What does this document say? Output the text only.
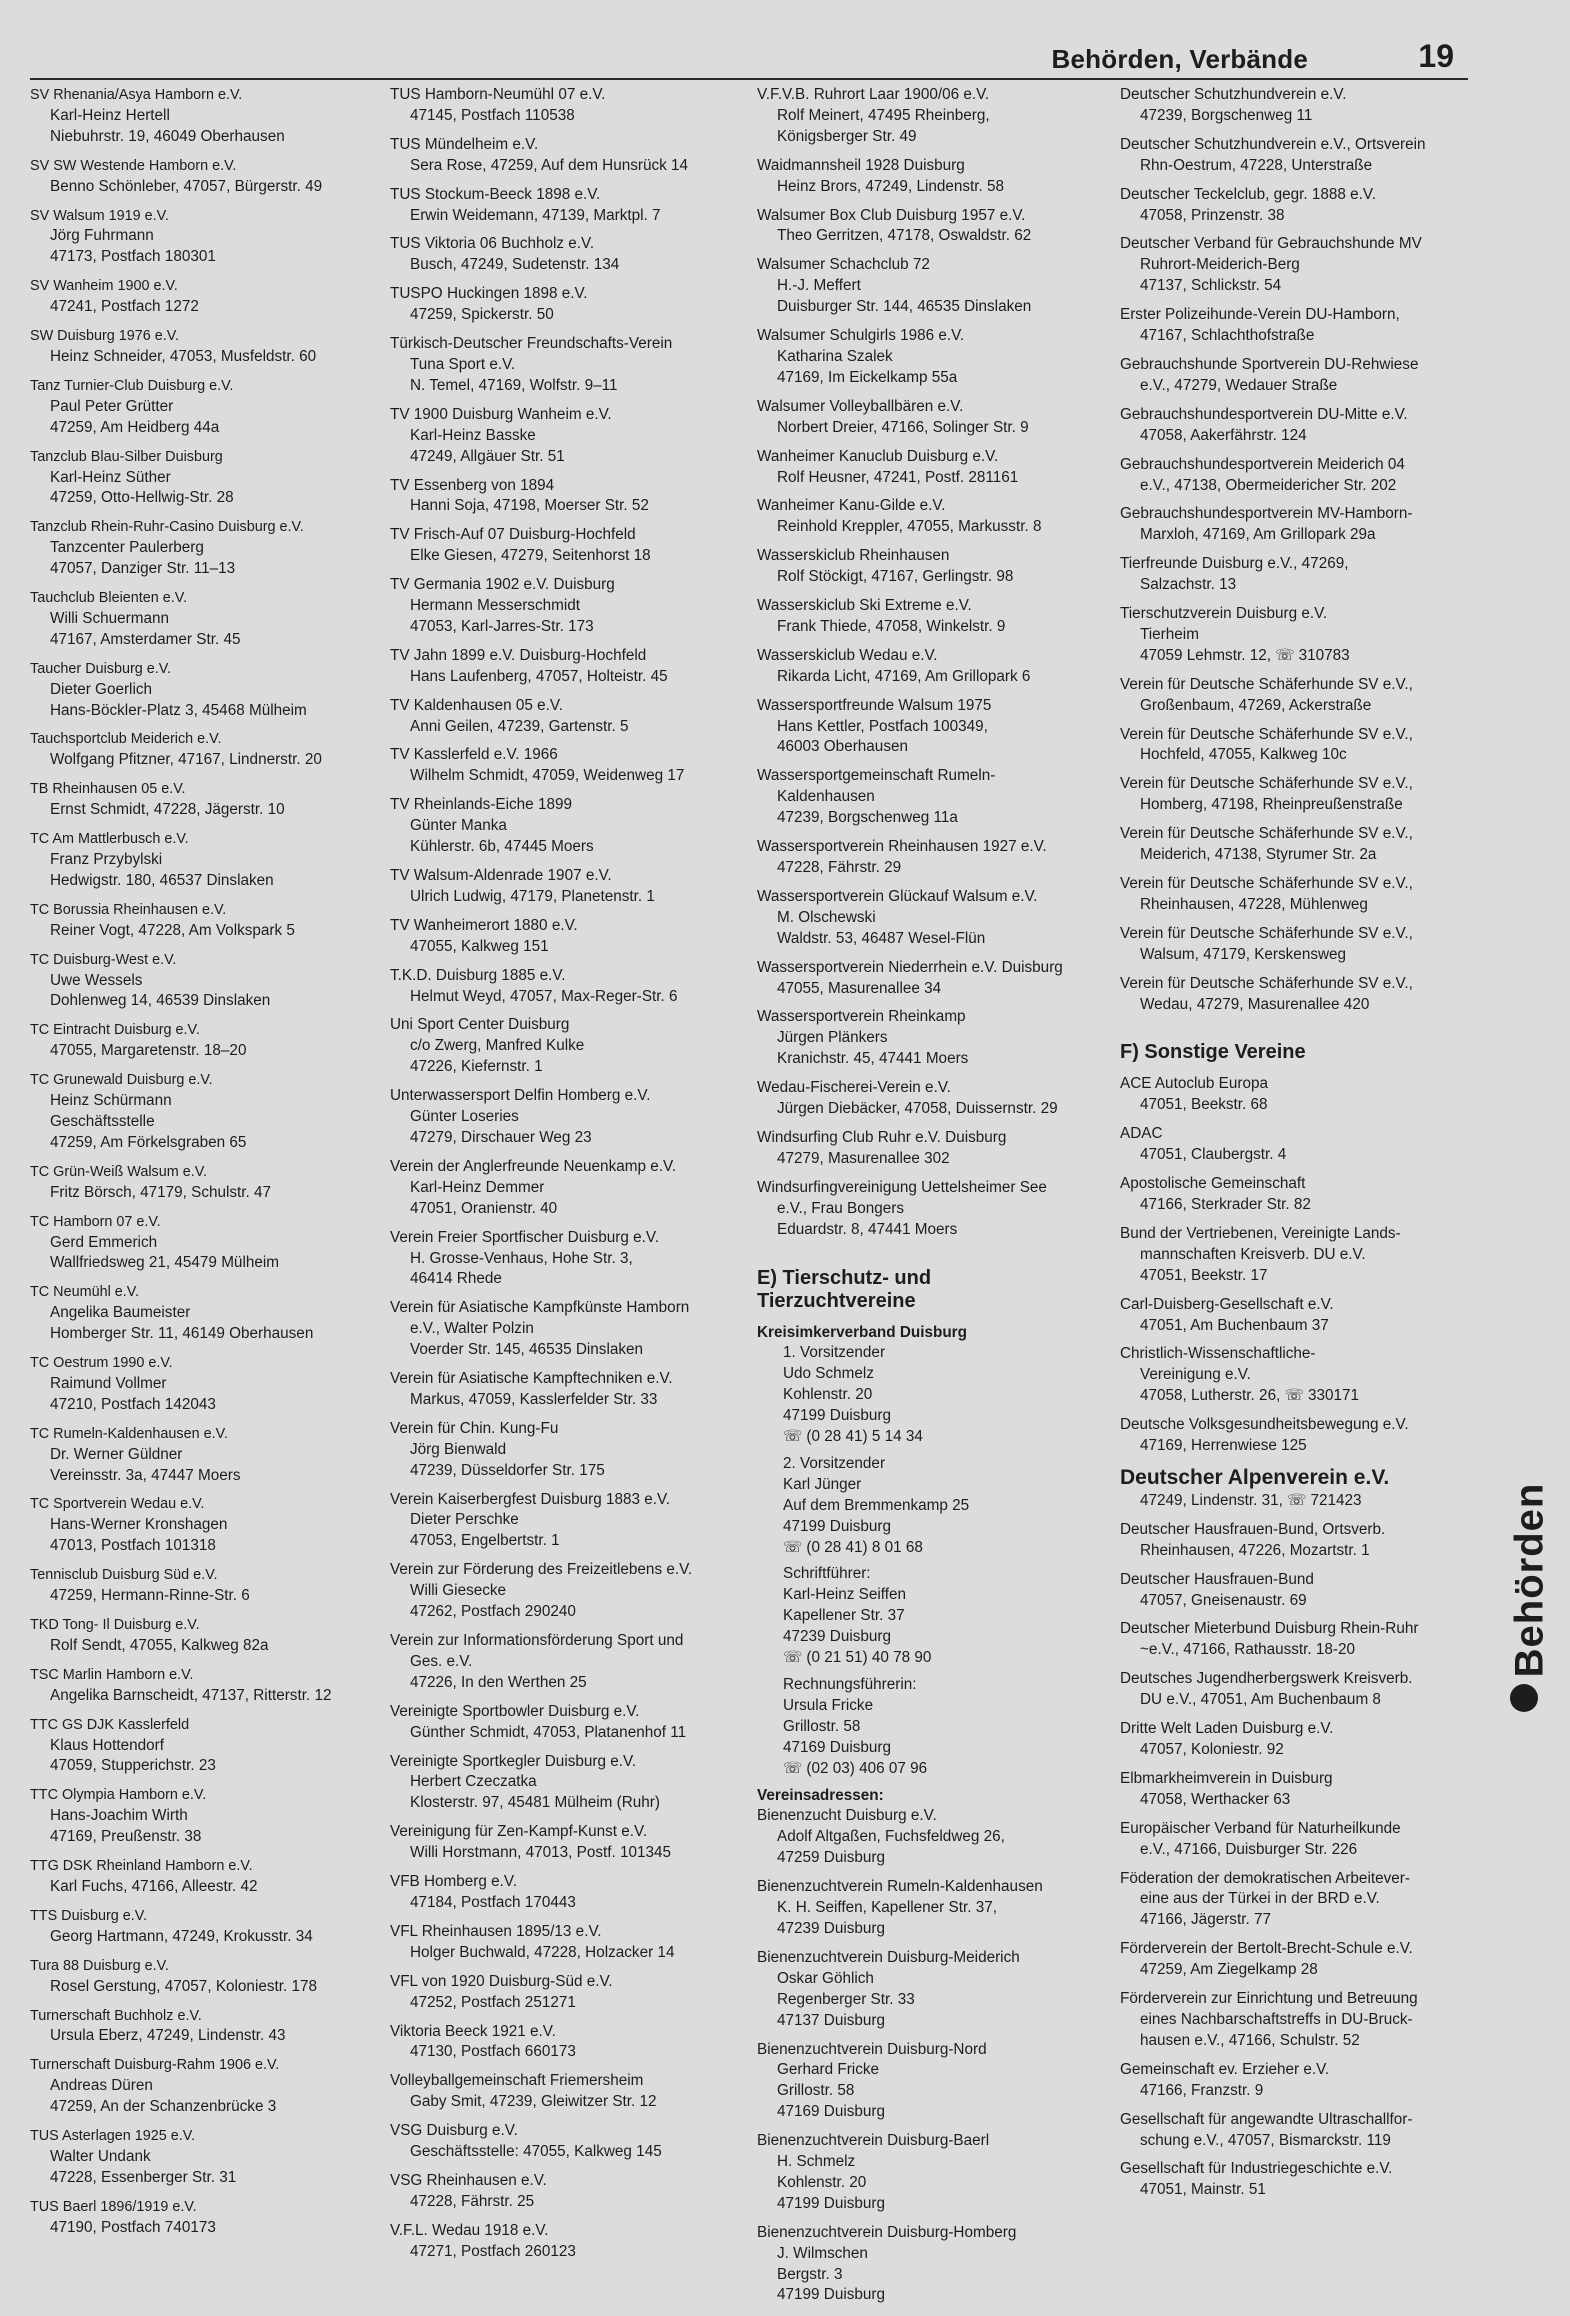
Behörden, Verbände	19
SV Rhenania/Asya Hamborn e.V.
Karl-Heinz Hertell
Niebuhrstr. 19, 46049 Oberhausen
SV SW Westende Hamborn e.V.
Benno Schönleber, 47057, Bürgerstr. 49
SV Walsum 1919 e.V.
Jörg Fuhrmann
47173, Postfach 180301
SV Wanheim 1900 e.V.
47241, Postfach 1272
SW Duisburg 1976 e.V.
Heinz Schneider, 47053, Musfeldstr. 60
Tanz Turnier-Club Duisburg e.V.
Paul Peter Grütter
47259, Am Heidberg 44a
Tanzclub Blau-Silber Duisburg
Karl-Heinz Süther
47259, Otto-Hellwig-Str. 28
Tanzclub Rhein-Ruhr-Casino Duisburg e.V.
Tanzcenter Paulerberg
47057, Danziger Str. 11–13
Tauchclub Bleienten e.V.
Willi Schuermann
47167, Amsterdamer Str. 45
Taucher Duisburg e.V.
Dieter Goerlich
Hans-Böckler-Platz 3, 45468 Mülheim
Tauchsportclub Meiderich e.V.
Wolfgang Pfitzner, 47167, Lindnerstr. 20
TB Rheinhausen 05 e.V.
Ernst Schmidt, 47228, Jägerstr. 10
TC Am Mattlerbusch e.V.
Franz Przybylski
Hedwigstr. 180, 46537 Dinslaken
TC Borussia Rheinhausen e.V.
Reiner Vogt, 47228, Am Volkspark 5
TC Duisburg-West e.V.
Uwe Wessels
Dohlenweg 14, 46539 Dinslaken
TC Eintracht Duisburg e.V.
47055, Margaretenstr. 18–20
TC Grunewald Duisburg e.V.
Heinz Schürmann
Geschäftsstelle
47259, Am Förkelsgraben 65
TC Grün-Weiß Walsum e.V.
Fritz Börsch, 47179, Schulstr. 47
TC Hamborn 07 e.V.
Gerd Emmerich
Wallfriedsweg 21, 45479 Mülheim
TC Neumühl e.V.
Angelika Baumeister
Homberger Str. 11, 46149 Oberhausen
TC Oestrum 1990 e.V.
Raimund Vollmer
47210, Postfach 142043
TC Rumeln-Kaldenhausen e.V.
Dr. Werner Güldner
Vereinsstr. 3a, 47447 Moers
TC Sportverein Wedau e.V.
Hans-Werner Kronshagen
47013, Postfach 101318
Tennisclub Duisburg Süd e.V.
47259, Hermann-Rinne-Str. 6
TKD Tong- Il Duisburg e.V.
Rolf Sendt, 47055, Kalkweg 82a
TSC Marlin Hamborn e.V.
Angelika Barnscheidt, 47137, Ritterstr. 12
TTC GS DJK Kasslerfeld
Klaus Hottendorf
47059, Stupperichstr. 23
TTC Olympia Hamborn e.V.
Hans-Joachim Wirth
47169, Preußenstr. 38
TTG DSK Rheinland Hamborn e.V.
Karl Fuchs, 47166, Alleestr. 42
TTS Duisburg e.V.
Georg Hartmann, 47249, Krokusstr. 34
Tura 88 Duisburg e.V.
Rosel Gerstung, 47057, Koloniestr. 178
Turnerschaft Buchholz e.V.
Ursula Eberz, 47249, Lindenstr. 43
Turnerschaft Duisburg-Rahm 1906 e.V.
Andreas Düren
47259, An der Schanzenbrücke 3
TUS Asterlagen 1925 e.V.
Walter Undank
47228, Essenberger Str. 31
TUS Baerl 1896/1919 e.V.
47190, Postfach 740173
TUS Hamborn-Neumühl 07 e.V.
47145, Postfach 110538
TUS Mündelheim e.V.
Sera Rose, 47259, Auf dem Hunsrück 14
TUS Stockum-Beeck 1898 e.V.
Erwin Weidemann, 47139, Marktpl. 7
TUS Viktoria 06 Buchholz e.V.
Busch, 47249, Sudetenstr. 134
TUSPO Huckingen 1898 e.V.
47259, Spickerstr. 50
Türkisch-Deutscher Freundschafts-Verein
Tuna Sport e.V.
N. Temel, 47169, Wolfstr. 9–11
TV 1900 Duisburg Wanheim e.V.
Karl-Heinz Basske
47249, Allgäuer Str. 51
TV Essenberg von 1894
Hanni Soja, 47198, Moerser Str. 52
TV Frisch-Auf 07 Duisburg-Hochfeld
Elke Giesen, 47279, Seitenhorst 18
TV Germania 1902 e.V. Duisburg
Hermann Messerschmidt
47053, Karl-Jarres-Str. 173
TV Jahn 1899 e.V. Duisburg-Hochfeld
Hans Laufenberg, 47057, Holteistr. 45
TV Kaldenhausen 05 e.V.
Anni Geilen, 47239, Gartenstr. 5
TV Kasslerfeld e.V. 1966
Wilhelm Schmidt, 47059, Weidenweg 17
TV Rheinlands-Eiche 1899
Günter Manka
Kühlerstr. 6b, 47445 Moers
TV Walsum-Aldenrade 1907 e.V.
Ulrich Ludwig, 47179, Planetenstr. 1
TV Wanheimerort 1880 e.V.
47055, Kalkweg 151
T.K.D. Duisburg 1885 e.V.
Helmut Weyd, 47057, Max-Reger-Str. 6
Uni Sport Center Duisburg
c/o Zwerg, Manfred Kulke
47226, Kiefernstr. 1
Unterwassersport Delfin Homberg e.V.
Günter Loseries
47279, Dirschauer Weg 23
Verein der Anglerfreunde Neuenkamp e.V.
Karl-Heinz Demmer
47051, Oranienstr. 40
Verein Freier Sportfischer Duisburg e.V.
H. Grosse-Venhaus, Hohe Str. 3,
46414 Rhede
Verein für Asiatische Kampfkünste Hamborn
e.V., Walter Polzin
Voerder Str. 145, 46535 Dinslaken
Verein für Asiatische Kampftechniken e.V.
Markus, 47059, Kasslerfelder Str. 33
Verein für Chin. Kung-Fu
Jörg Bienwald
47239, Düsseldorfer Str. 175
Verein Kaiserbergfest Duisburg 1883 e.V.
Dieter Perschke
47053, Engelbertstr. 1
Verein zur Förderung des Freizeitlebens e.V.
Willi Giesecke
47262, Postfach 290240
Verein zur Informationsförderung Sport und
Ges. e.V.
47226, In den Werthen 25
Vereinigte Sportbowler Duisburg e.V.
Günther Schmidt, 47053, Platanenhof 11
Vereinigte Sportkegler Duisburg e.V.
Herbert Czeczatka
Klosterstr. 97, 45481 Mülheim (Ruhr)
Vereinigung für Zen-Kampf-Kunst e.V.
Willi Horstmann, 47013, Postf. 101345
VFB Homberg e.V.
47184, Postfach 170443
VFL Rheinhausen 1895/13 e.V.
Holger Buchwald, 47228, Holzacker 14
VFL von 1920 Duisburg-Süd e.V.
47252, Postfach 251271
Viktoria Beeck 1921 e.V.
47130, Postfach 660173
Volleyballgemeinschaft Friemersheim
Gaby Smit, 47239, Gleiwitzer Str. 12
VSG Duisburg e.V.
Geschäftsstelle: 47055, Kalkweg 145
VSG Rheinhausen e.V.
47228, Fährstr. 25
V.F.L. Wedau 1918 e.V.
47271, Postfach 260123
V.F.V.B. Ruhrort Laar 1900/06 e.V.
Rolf Meinert, 47495 Rheinberg,
Königsberger Str. 49
Waidmannsheil 1928 Duisburg
Heinz Brors, 47249, Lindenstr. 58
Walsumer Box Club Duisburg 1957 e.V.
Theo Gerritzen, 47178, Oswaldstr. 62
Walsumer Schachclub 72
H.-J. Meffert
Duisburger Str. 144, 46535 Dinslaken
Walsumer Schulgirls 1986 e.V.
Katharina Szalek
47169, Im Eickelkamp 55a
Walsumer Volleyballbären e.V.
Norbert Dreier, 47166, Solinger Str. 9
Wanheimer Kanuclub Duisburg e.V.
Rolf Heusner, 47241, Postf. 281161
Wanheimer Kanu-Gilde e.V.
Reinhold Kreppler, 47055, Markusstr. 8
Wasserskiclub Rheinhausen
Rolf Stöckigt, 47167, Gerlingstr. 98
Wasserskiclub Ski Extreme e.V.
Frank Thiede, 47058, Winkelstr. 9
Wasserskiclub Wedau e.V.
Rikarda Licht, 47169, Am Grillopark 6
Wassersportfreunde Walsum 1975
Hans Kettler, Postfach 100349,
46003 Oberhausen
Wassersportgemeinschaft Rumeln-
Kaldenhausen
47239, Borgschenweg 11a
Wassersportverein Rheinhausen 1927 e.V.
47228, Fährstr. 29
Wassersportverein Glückauf Walsum e.V.
M. Olschewski
Waldstr. 53, 46487 Wesel-Flün
Wassersportverein Niederrhein e.V. Duisburg
47055, Masurenallee 34
Wassersportverein Rheinkamp
Jürgen Plänkers
Kranichstr. 45, 47441 Moers
Wedau-Fischerei-Verein e.V.
Jürgen Diebäcker, 47058, Duissernstr. 29
Windsurfing Club Ruhr e.V. Duisburg
47279, Masurenallee 302
Windsurfingvereinigung Uettelsheimer See
e.V., Frau Bongers
Eduardstr. 8, 47441 Moers
E) Tierschutz- und
Tierzuchtvereine
Kreisimkerverband Duisburg
1. Vorsitzender
Udo Schmelz
Kohlenstr. 20
47199 Duisburg
☏ (0 28 41) 5 14 34
2. Vorsitzender
Karl Jünger
Auf dem Bremmenkamp 25
47199 Duisburg
☏ (0 28 41) 8 01 68
Schriftführer:
Karl-Heinz Seiffen
Kapellener Str. 37
47239 Duisburg
☏ (0 21 51) 40 78 90
Rechnungsführerin:
Ursula Fricke
Grillostr. 58
47169 Duisburg
☏ (02 03) 406 07 96
Vereinsadressen:
Bienenzucht Duisburg e.V.
Adolf Altgaßen, Fuchsfeldweg 26,
47259 Duisburg
Bienenzuchtverein Rumeln-Kaldenhausen
K. H. Seiffen, Kapellener Str. 37,
47239 Duisburg
Bienenzuchtverein Duisburg-Meiderich
Oskar Göhlich
Regenberger Str. 33
47137 Duisburg
Bienenzuchtverein Duisburg-Nord
Gerhard Fricke
Grillostr. 58
47169 Duisburg
Bienenzuchtverein Duisburg-Baerl
H. Schmelz
Kohlenstr. 20
47199 Duisburg
Bienenzuchtverein Duisburg-Homberg
J. Wilmschen
Bergstr. 3
47199 Duisburg
Deutscher Schutzhundverein e.V.
47239, Borgschenweg 11
Deutscher Schutzhundverein e.V., Ortsverein
Rhn-Oestrum, 47228, Unterstraße
Deutscher Teckelclub, gegr. 1888 e.V.
47058, Prinzenstr. 38
Deutscher Verband für Gebrauchshunde MV
Ruhrort-Meiderich-Berg
47137, Schlickstr. 54
Erster Polizeihunde-Verein DU-Hamborn,
47167, Schlachthofstraße
Gebrauchshunde Sportverein DU-Rehwiese
e.V., 47279, Wedauer Straße
Gebrauchshundesportverein DU-Mitte e.V.
47058, Aakerfährstr. 124
Gebrauchshundesportverein Meiderich 04
e.V., 47138, Obermeidericher Str. 202
Gebrauchshundesportverein MV-Hamborn-
Marxloh, 47169, Am Grillopark 29a
Tierfreunde Duisburg e.V., 47269,
Salzachstr. 13
Tierschutzverein Duisburg e.V.
Tierheim
47059 Lehmstr. 12, ☏ 310783
Verein für Deutsche Schäferhunde SV e.V.,
Großenbaum, 47269, Ackerstraße
Verein für Deutsche Schäferhunde SV e.V.,
Hochfeld, 47055, Kalkweg 10c
Verein für Deutsche Schäferhunde SV e.V.,
Homberg, 47198, Rheinpreußenstraße
Verein für Deutsche Schäferhunde SV e.V.,
Meiderich, 47138, Styrumer Str. 2a
Verein für Deutsche Schäferhunde SV e.V.,
Rheinhausen, 47228, Mühlenweg
Verein für Deutsche Schäferhunde SV e.V.,
Walsum, 47179, Kerskensweg
Verein für Deutsche Schäferhunde SV e.V.,
Wedau, 47279, Masurenallee 420
F) Sonstige Vereine
ACE Autoclub Europa
47051, Beekstr. 68
ADAC
47051, Claubergstr. 4
Apostolische Gemeinschaft
47166, Sterkrader Str. 82
Bund der Vertriebenen, Vereinigte Lands-
mannschaften Kreisverb. DU e.V.
47051, Beekstr. 17
Carl-Duisberg-Gesellschaft e.V.
47051, Am Buchenbaum 37
Christlich-Wissenschaftliche-
Vereinigung e.V.
47058, Lutherstr. 26, ☏ 330171
Deutsche Volksgesundheitsbewegung e.V.
47169, Herrenwiese 125
Deutscher Alpenverein e.V.
47249, Lindenstr. 31, ☏ 721423
Deutscher Hausfrauen-Bund, Ortsverb.
Rheinhausen, 47226, Mozartstr. 1
Deutscher Hausfrauen-Bund
47057, Gneisenaustr. 69
Deutscher Mieterbund Duisburg Rhein-Ruhr
~e.V., 47166, Rathausstr. 18-20
Deutsches Jugendherbergswerk Kreisverb.
DU e.V., 47051, Am Buchenbaum 8
Dritte Welt Laden Duisburg e.V.
47057, Koloniestr. 92
Elbmarkheimverein in Duisburg
47058, Werthacker 63
Europäischer Verband für Naturheilkunde
e.V., 47166, Duisburger Str. 226
Föderation der demokratischen Arbeitever-
eine aus der Türkei in der BRD e.V.
47166, Jägerstr. 77
Förderverein der Bertolt-Brecht-Schule e.V.
47259, Am Ziegelkamp 28
Förderverein zur Einrichtung und Betreuung
eines Nachbarschaftstreffs in DU-Bruck-
hausen e.V., 47166, Schulstr. 52
Gemeinschaft ev. Erzieher e.V.
47166, Franzstr. 9
Gesellschaft für angewandte Ultraschallfor-
schung e.V., 47057, Bismarckstr. 119
Gesellschaft für Industriegeschichte e.V.
47051, Mainstr. 51
Behörden
